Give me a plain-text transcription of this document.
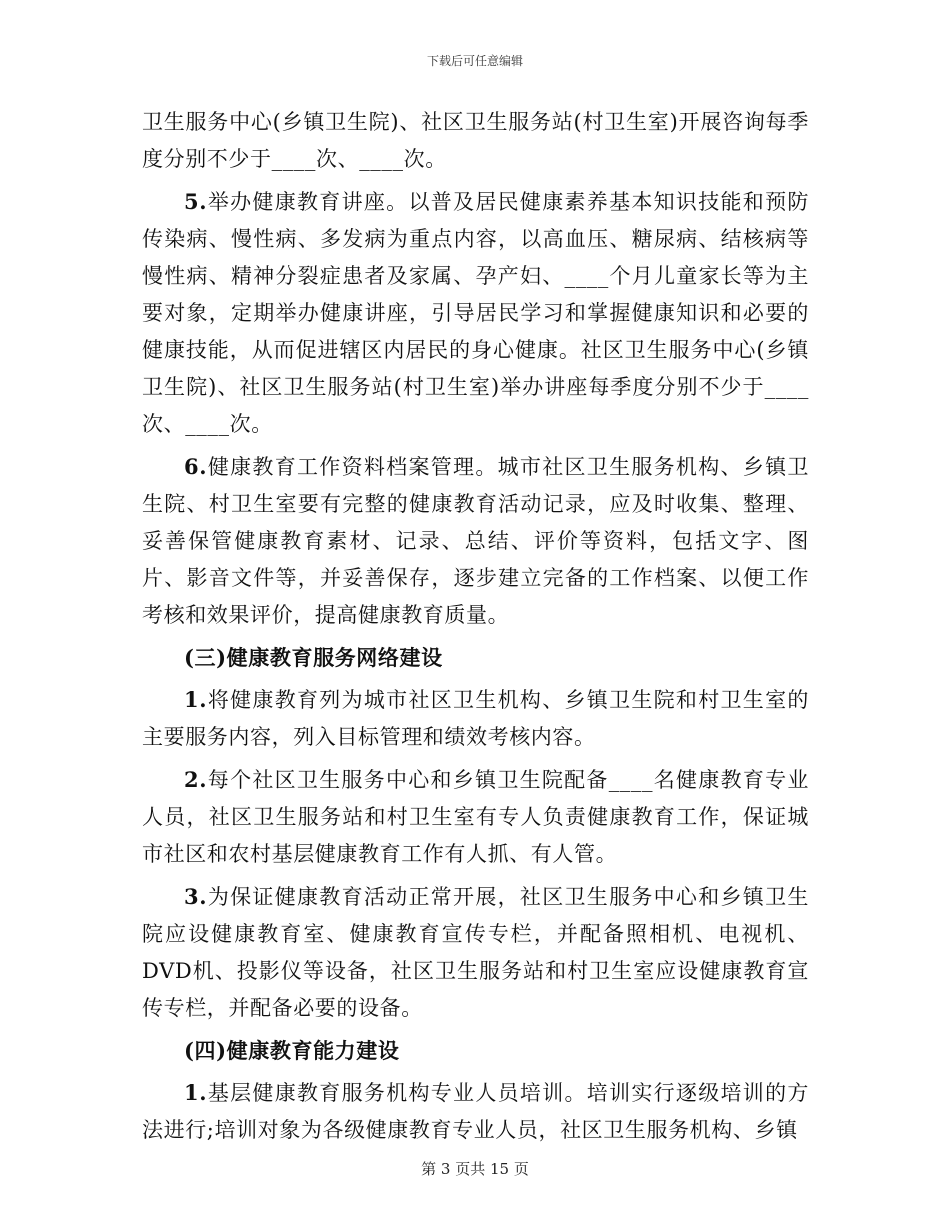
下载后可任意编辑

卫生服务中心(乡镇卫生院)、社区卫生服务站(村卫生室)开展咨询每季度分别不少于____次、____次。

5.举办健康教育讲座。以普及居民健康素养基本知识技能和预防传染病、慢性病、多发病为重点内容，以高血压、糖尿病、结核病等慢性病、精神分裂症患者及家属、孕产妇、____个月儿童家长等为主要对象，定期举办健康讲座，引导居民学习和掌握健康知识和必要的健康技能，从而促进辖区内居民的身心健康。社区卫生服务中心(乡镇卫生院)、社区卫生服务站(村卫生室)举办讲座每季度分别不少于____次、____次。

6.健康教育工作资料档案管理。城市社区卫生服务机构、乡镇卫生院、村卫生室要有完整的健康教育活动记录，应及时收集、整理、妥善保管健康教育素材、记录、总结、评价等资料，包括文字、图片、影音文件等，并妥善保存，逐步建立完备的工作档案、以便工作考核和效果评价，提高健康教育质量。

(三)健康教育服务网络建设

1.将健康教育列为城市社区卫生机构、乡镇卫生院和村卫生室的主要服务内容，列入目标管理和绩效考核内容。

2.每个社区卫生服务中心和乡镇卫生院配备____名健康教育专业人员，社区卫生服务站和村卫生室有专人负责健康教育工作，保证城市社区和农村基层健康教育工作有人抓、有人管。

3.为保证健康教育活动正常开展，社区卫生服务中心和乡镇卫生院应设健康教育室、健康教育宣传专栏，并配备照相机、电视机、DVD机、投影仪等设备，社区卫生服务站和村卫生室应设健康教育宣传专栏，并配备必要的设备。

(四)健康教育能力建设

1.基层健康教育服务机构专业人员培训。培训实行逐级培训的方法进行;培训对象为各级健康教育专业人员，社区卫生服务机构、乡镇

第 3 页共 15 页
